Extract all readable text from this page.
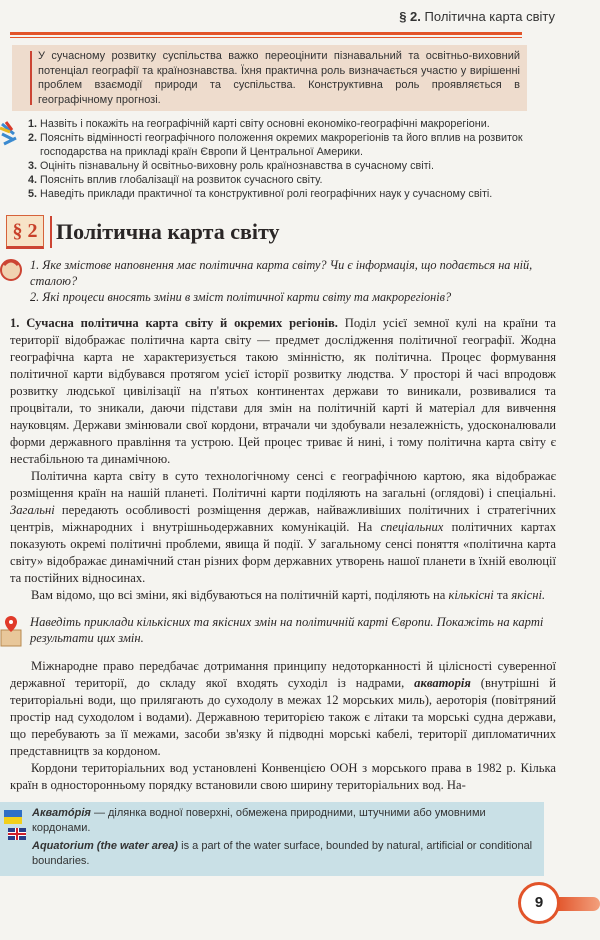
§ 2. Політична карта світу

У сучасному розвитку суспільства важко переоцінити пізнавальний та освітньо-виховний потенціал географії та країнознавства. Їхня практична роль визначається участю у вирішенні проблем взаємодії природи та суспільства. Конструктивна роль проявляється в географічному прогнозі.

1. Назвіть і покажіть на географічній карті світу основні економіко-географічні макрорегіони.
2. Поясніть відмінності географічного положення окремих макрорегіонів та його вплив на розвиток господарства на прикладі країн Європи й Центральної Америки.
3. Оцініть пізнавальну й освітньо-виховну роль країнознавства в сучасному світі.
4. Поясніть вплив глобалізації на розвиток сучасного світу.
5. Наведіть приклади практичної та конструктивної ролі географічних наук у сучасному світі.
§ 2 Політична карта світу
1. Яке змістове наповнення має політична карта світу? Чи є інформація, що подається на ній, сталою?
2. Які процеси вносять зміни в зміст політичної карти світу та макрорегіонів?

1. Сучасна політична карта світу й окремих регіонів. Поділ усієї земної кулі на країни та території відображає політична карта світу — предмет дослідження політичної географії. Жодна географічна карта не характеризується такою змінністю, як політична. Процес формування політичної карти відбувався протягом усієї історії розвитку людства. У просторі й часі впродовж розвитку людської цивілізації на п'ятьох континентах держави то виникали, розвивалися та процвітали, то зникали, даючи підстави для змін на політичній карті й матеріал для вивчення науковцям. Держави змінювали свої кордони, втрачали чи здобували незалежність, удосконалювали форми державного правління та устрою. Цей процес триває й нині, і тому політична карта світу є нестабільною та динамічною.

Політична карта світу в суто технологічному сенсі є географічною картою, яка відображає розміщення країн на нашій планеті. Політичні карти поділяють на загальні (оглядові) і спеціальні. Загальні передають особливості розміщення держав, найважливіших політичних і стратегічних центрів, міжнародних і внутрішньодержавних комунікацій. На спеціальних політичних картах показують окремі політичні проблеми, явища й події. У загальному сенсі поняття «політична карта світу» відображає динамічний стан різних форм державних утворень нашої планети в їхній еволюції та постійних відносинах.

Вам відомо, що всі зміни, які відбуваються на політичній карті, поділяють на кількісні та якісні.

Наведіть приклади кількісних та якісних змін на політичній карті Європи. Покажіть на карті результати цих змін.

Міжнародне право передбачає дотримання принципу недоторканності й цілісності суверенної державної території, до складу якої входять суходіл із надрами, акваторія (внутрішні й територіальні води, що прилягають до суходолу в межах 12 морських миль), аероторія (повітряний простір над суходолом і водами). Державною територією також є літаки та морські судна держави, що перебувають за її межами, засоби зв'язку й підводні морські кабелі, території дипломатичних представництв за кордоном.

Кордони територіальних вод установлені Конвенцією ООН з морського права в 1982 р. Кілька країн в односторонньому порядку встановили свою ширину територіальних вод. На-

Акватóрія — ділянка водної поверхні, обмежена природними, штучними або умовними кордонами.

Aquatorium (the water area) is a part of the water surface, bounded by natural, artificial or conditional boundaries.

9
